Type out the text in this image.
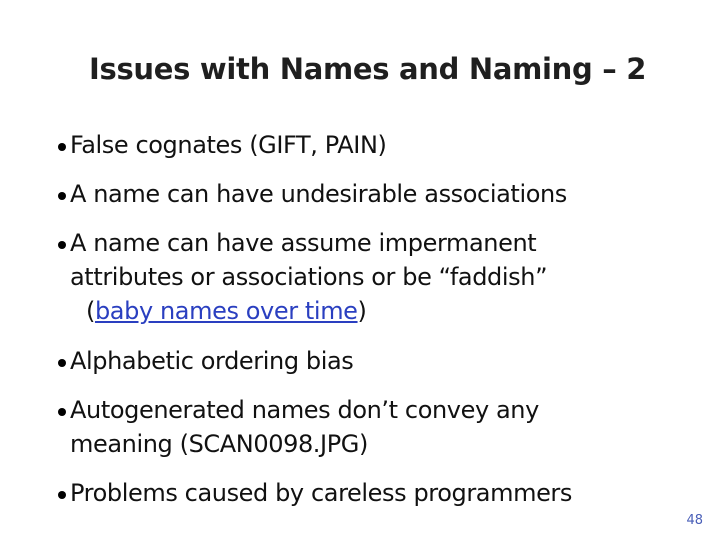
Issues with Names and Naming – 2
False cognates (GIFT, PAIN)
A name can have undesirable associations
A name can have assume impermanent
attributes or associations or be “faddish”
(baby names over time)
Alphabetic ordering bias
Autogenerated names don’t convey any
meaning (SCAN0098.JPG)
Problems caused by careless programmers
48
